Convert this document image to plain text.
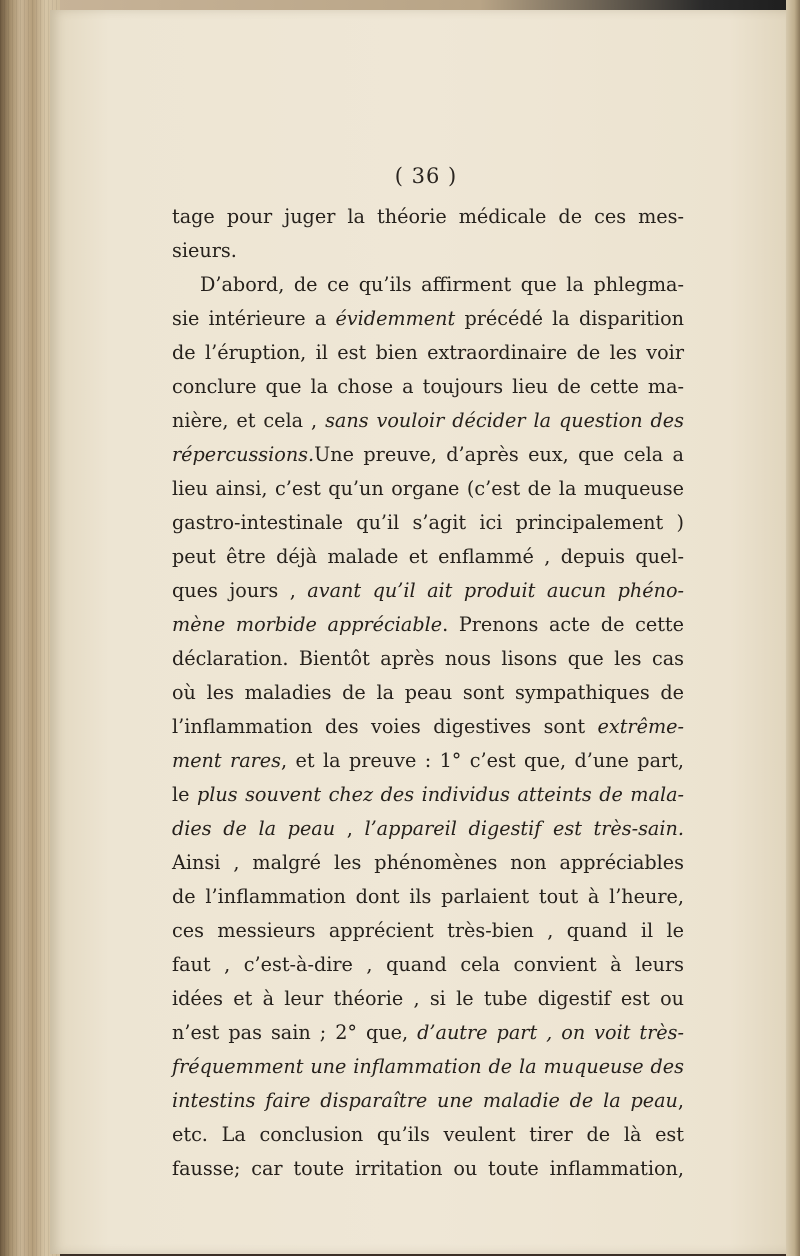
( 36 )
tage pour juger la théorie médicale de ces mes-
sieurs.
D’abord, de ce qu’ils affirment que la phlegma-
sie intérieure a évidemment précédé la disparition
de l’éruption, il est bien extraordinaire de les voir
conclure que la chose a toujours lieu de cette ma-
nière, et cela , sans vouloir décider la question des
répercussions.Une preuve, d’après eux, que cela a
lieu ainsi, c’est qu’un organe (c’est de la muqueuse
gastro-intestinale qu’il s’agit ici principalement )
peut être déjà malade et enflammé , depuis quel-
ques jours , avant qu’il ait produit aucun phéno-
mène morbide appréciable. Prenons acte de cette
déclaration. Bientôt après nous lisons que les cas
où les maladies de la peau sont sympathiques de
l’inflammation des voies digestives sont extrême-
ment rares, et la preuve : 1° c’est que, d’une part,
le plus souvent chez des individus atteints de mala-
dies de la peau , l’appareil digestif est très-sain.
Ainsi , malgré les phénomènes non appréciables
de l’inflammation dont ils parlaient tout à l’heure,
ces messieurs apprécient très-bien , quand il le
faut , c’est-à-dire , quand cela convient à leurs
idées et à leur théorie , si le tube digestif est ou
n’est pas sain ; 2° que, d’autre part , on voit très-
fréquemment une inflammation de la muqueuse des
intestins faire disparaître une maladie de la peau,
etc. La conclusion qu’ils veulent tirer de là est
fausse; car toute irritation ou toute inflammation,
